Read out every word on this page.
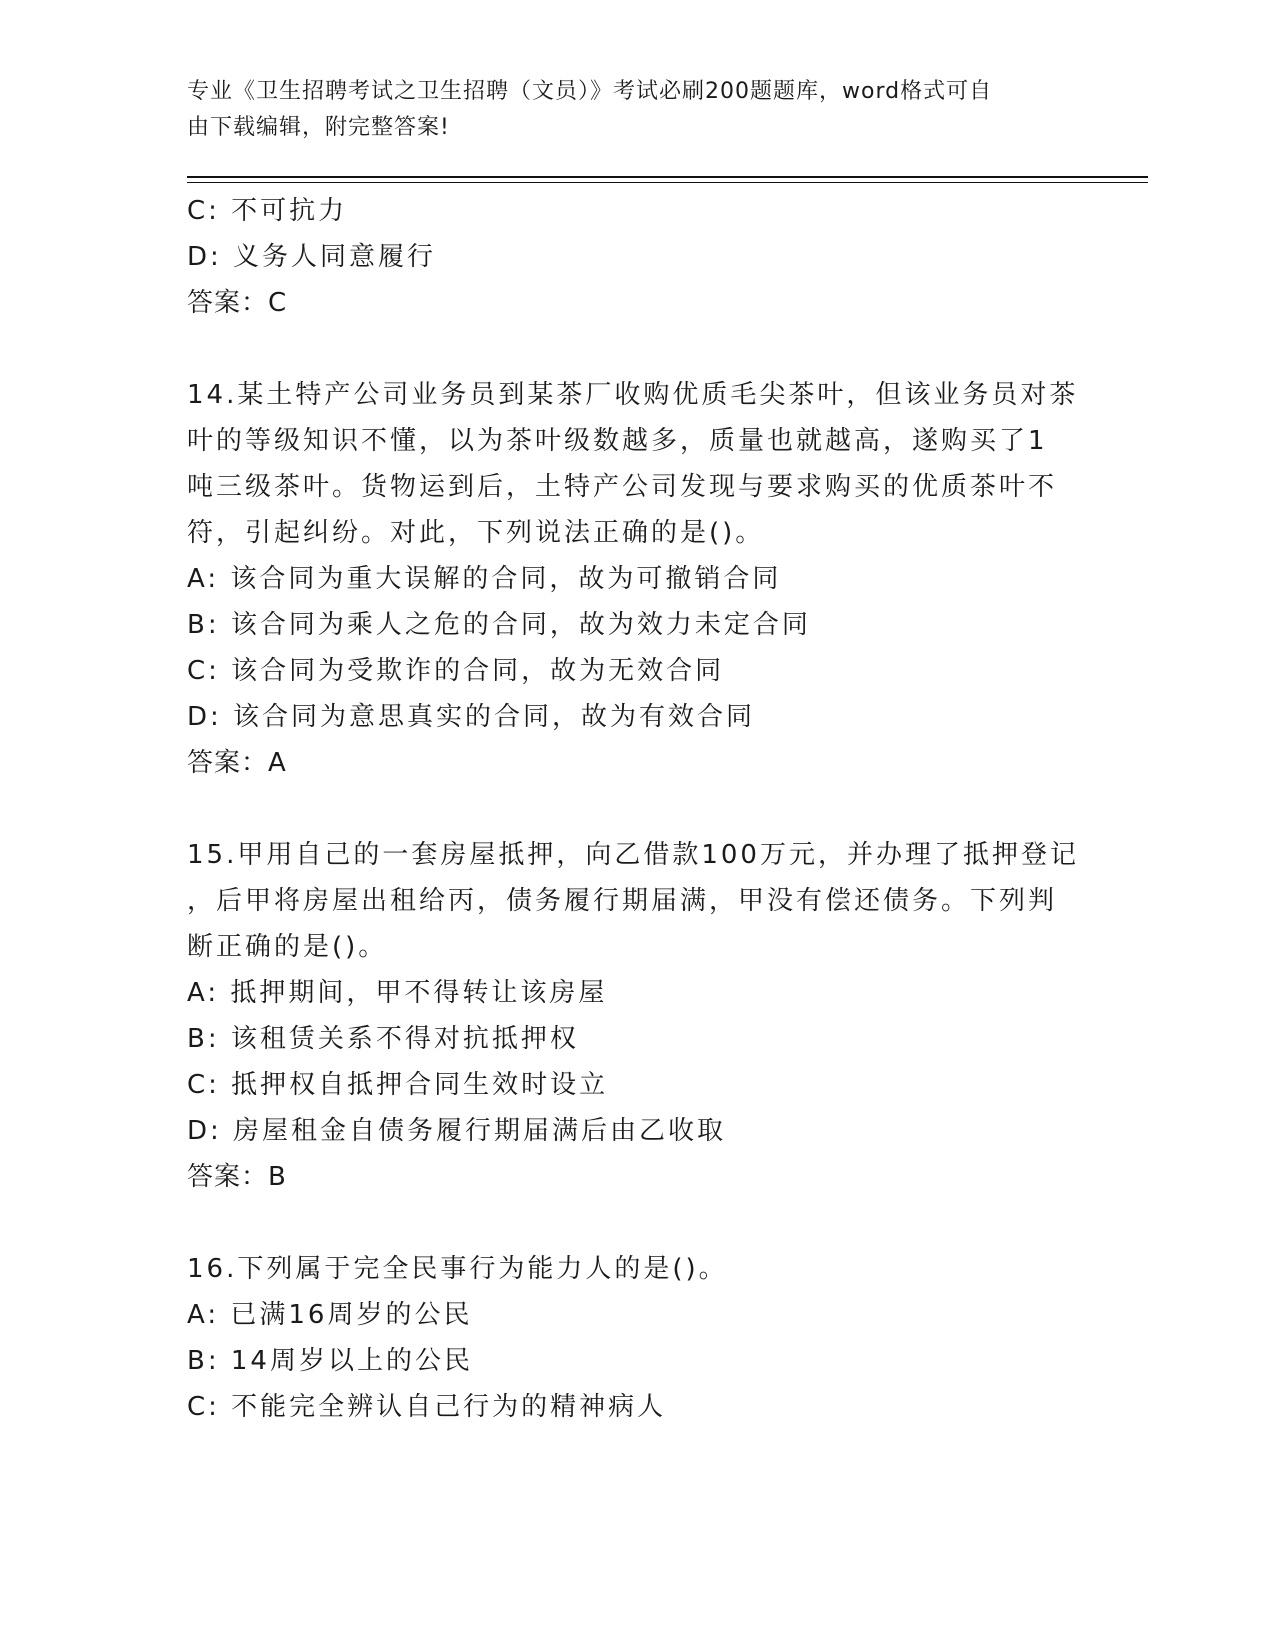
专业《卫生招聘考试之卫生招聘（文员）》考试必刷200题题库，word格式可自
由下载编辑，附完整答案!
C: 不可抗力
D: 义务人同意履行
答案：C
14.某土特产公司业务员到某茶厂收购优质毛尖茶叶，但该业务员对茶
叶的等级知识不懂，以为茶叶级数越多，质量也就越高，遂购买了1
吨三级茶叶。货物运到后，土特产公司发现与要求购买的优质茶叶不
符，引起纠纷。对此，下列说法正确的是()。
A: 该合同为重大误解的合同，故为可撤销合同
B: 该合同为乘人之危的合同，故为效力未定合同
C: 该合同为受欺诈的合同，故为无效合同
D: 该合同为意思真实的合同，故为有效合同
答案：A
15.甲用自己的一套房屋抵押，向乙借款100万元，并办理了抵押登记
，后甲将房屋出租给丙，债务履行期届满，甲没有偿还债务。下列判
断正确的是()。
A: 抵押期间，甲不得转让该房屋
B: 该租赁关系不得对抗抵押权
C: 抵押权自抵押合同生效时设立
D: 房屋租金自债务履行期届满后由乙收取
答案：B
16.下列属于完全民事行为能力人的是()。
A: 已满16周岁的公民
B: 14周岁以上的公民
C: 不能完全辨认自己行为的精神病人
